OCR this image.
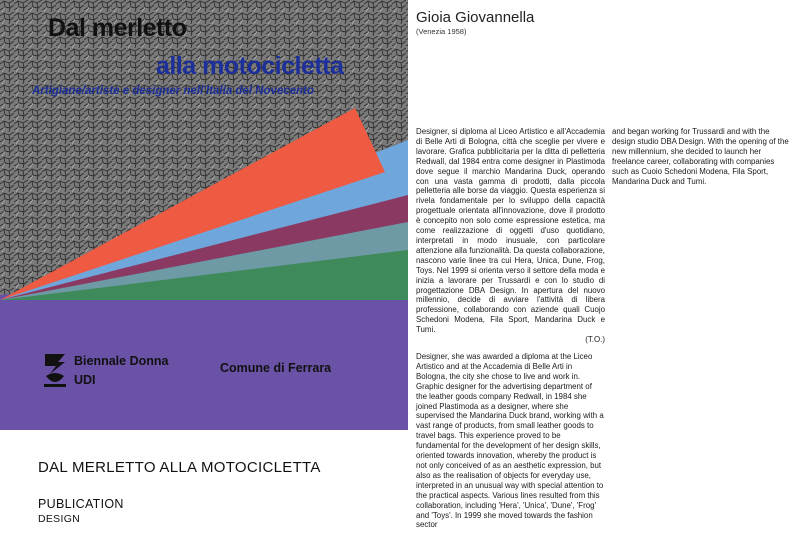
Dal merletto
alla motocicletta
Artigiane/artiste e designer nell'Italia del Novecento
Biennale Donna
UDI
Comune di Ferrara
DAL MERLETTO ALLA MOTOCICLETTA
PUBLICATION
DESIGN
Gioia Giovannella
(Venezia 1958)
Designer, si diploma al Liceo Artistico e all'Accademia di Belle Arti di Bologna, città che sceglie per vivere e lavorare. Grafica pubblicitaria per la ditta di pelletteria Redwall, dal 1984 entra come designer in Plastimoda dove segue il marchio Mandarina Duck, operando con una vasta gamma di prodotti, dalla piccola pelletteria alle borse da viaggio. Questa esperienza si rivela fondamentale per lo sviluppo della capacità progettuale orientata all'innovazione, dove il prodotto è concepito non solo come espressione estetica, ma come realizzazione di oggetti d'uso quotidiano, interpretati in modo inusuale, con particolare attenzione alla funzionalità. Da questa collaborazione, nascono varie linee tra cui Hera, Unica, Dune, Frog, Toys. Nel 1999 si orienta verso il settore della moda e inizia a lavorare per Trussardi e con lo studio di progettazione DBA Design. In apertura del nuovo millennio, decide di avviare l'attività di libera professione, collaborando con aziende quali Cuojo Schedoni Modena, Fila Sport, Mandarina Duck e Tumi.
(T.O.)
Designer, she was awarded a diploma at the Liceo Artistico and at the Accademia di Belle Arti in Bologna, the city she chose to live and work in. Graphic designer for the advertising department of the leather goods company Redwall, in 1984 she joined Plastimoda as a designer, where she supervised the Mandarina Duck brand, working with a vast range of products, from small leather goods to travel bags. This experience proved to be fundamental for the development of her design skills, oriented towards innovation, whereby the product is not only conceived of as an aesthetic expression, but also as the realisation of objects for everyday use, interpreted in an unusual way with special attention to the practical aspects. Various lines resulted from this collaboration, including 'Hera', 'Unica', 'Dune', 'Frog' and 'Toys'. In 1999 she moved towards the fashion sector
and began working for Trussardi and with the design studio DBA Design. With the opening of the new millennium, she decided to launch her freelance career, collaborating with companies such as Cuoio Schedoni Modena, Fila Sport, Mandarina Duck and Tumi.
